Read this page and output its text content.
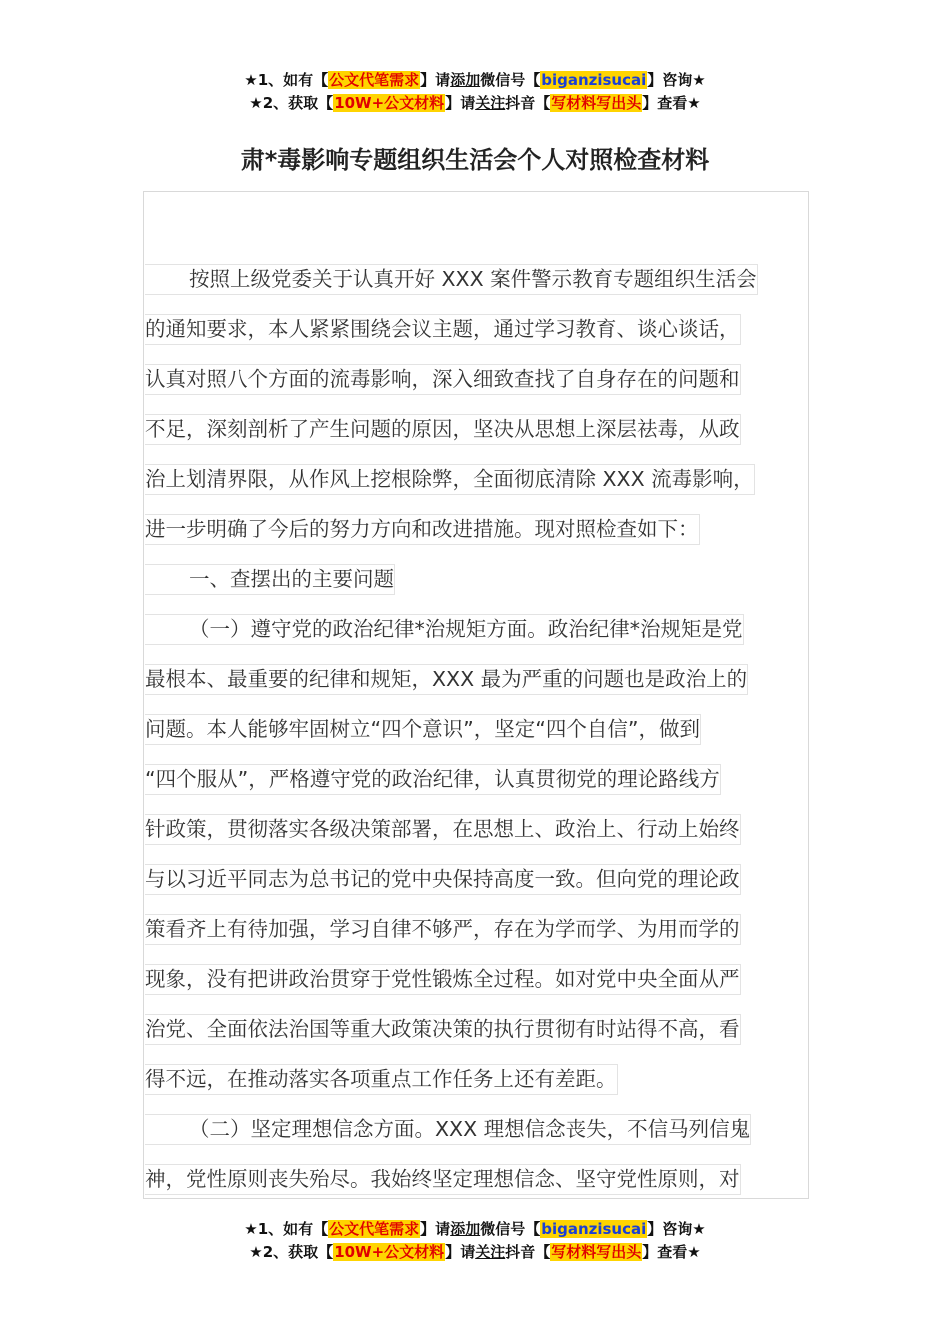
★1、如有【公文代笔需求】请添加微信号【biganzisucai】咨询★
★2、获取【10W+公文材料】请关注抖音【写材料写出头】查看★
肃*毒影响专题组织生活会个人对照检查材料
按照上级党委关于认真开好 XXX 案件警示教育专题组织生活会
的通知要求，本人紧紧围绕会议主题，通过学习教育、谈心谈话，
认真对照八个方面的流毒影响，深入细致查找了自身存在的问题和
不足，深刻剖析了产生问题的原因，坚决从思想上深层祛毒，从政
治上划清界限，从作风上挖根除弊，全面彻底清除 XXX 流毒影响，
进一步明确了今后的努力方向和改进措施。现对照检查如下：
一、查摆出的主要问题
（一）遵守党的政治纪律*治规矩方面。政治纪律*治规矩是党
最根本、最重要的纪律和规矩，XXX 最为严重的问题也是政治上的
问题。本人能够牢固树立“四个意识”，坚定“四个自信”，做到
“四个服从”，严格遵守党的政治纪律，认真贯彻党的理论路线方
针政策，贯彻落实各级决策部署，在思想上、政治上、行动上始终
与以习近平同志为总书记的党中央保持高度一致。但向党的理论政
策看齐上有待加强，学习自律不够严，存在为学而学、为用而学的
现象，没有把讲政治贯穿于党性锻炼全过程。如对党中央全面从严
治党、全面依法治国等重大政策决策的执行贯彻有时站得不高，看
得不远，在推动落实各项重点工作任务上还有差距。
（二）坚定理想信念方面。XXX 理想信念丧失，不信马列信鬼
神，党性原则丧失殆尽。我始终坚定理想信念、坚守党性原则，对
★1、如有【公文代笔需求】请添加微信号【biganzisucai】咨询★
★2、获取【10W+公文材料】请关注抖音【写材料写出头】查看★
